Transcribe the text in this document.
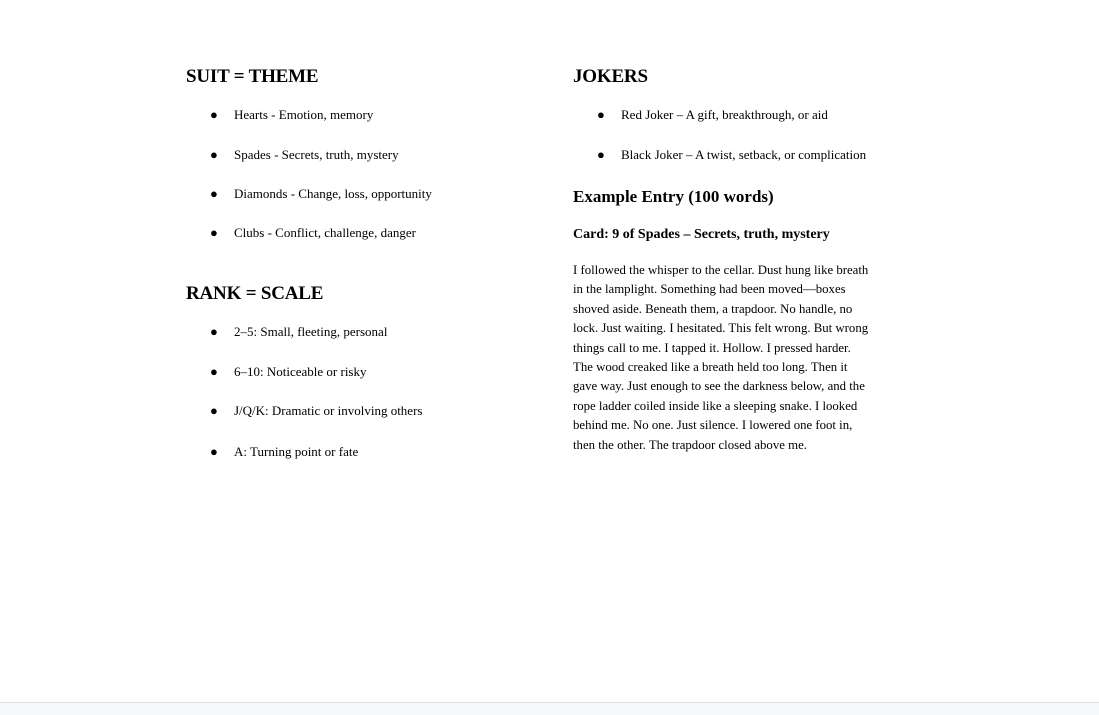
SUIT = THEME
● Hearts - Emotion, memory
● Spades - Secrets, truth, mystery
● Diamonds - Change, loss, opportunity
● Clubs - Conflict, challenge, danger
RANK = SCALE
● 2–5: Small, fleeting, personal
● 6–10: Noticeable or risky
● J/Q/K: Dramatic or involving others
● A: Turning point or fate
JOKERS
● Red Joker – A gift, breakthrough, or aid
● Black Joker – A twist, setback, or complication
Example Entry (100 words)
Card: 9 of Spades – Secrets, truth, mystery

I followed the whisper to the cellar. Dust hung like breath in the lamplight. Something had been moved—boxes shoved aside. Beneath them, a trapdoor. No handle, no lock. Just waiting. I hesitated. This felt wrong. But wrong things call to me. I tapped it. Hollow. I pressed harder. The wood creaked like a breath held too long. Then it gave way. Just enough to see the darkness below, and the rope ladder coiled inside like a sleeping snake. I looked behind me. No one. Just silence. I lowered one foot in, then the other. The trapdoor closed above me.
